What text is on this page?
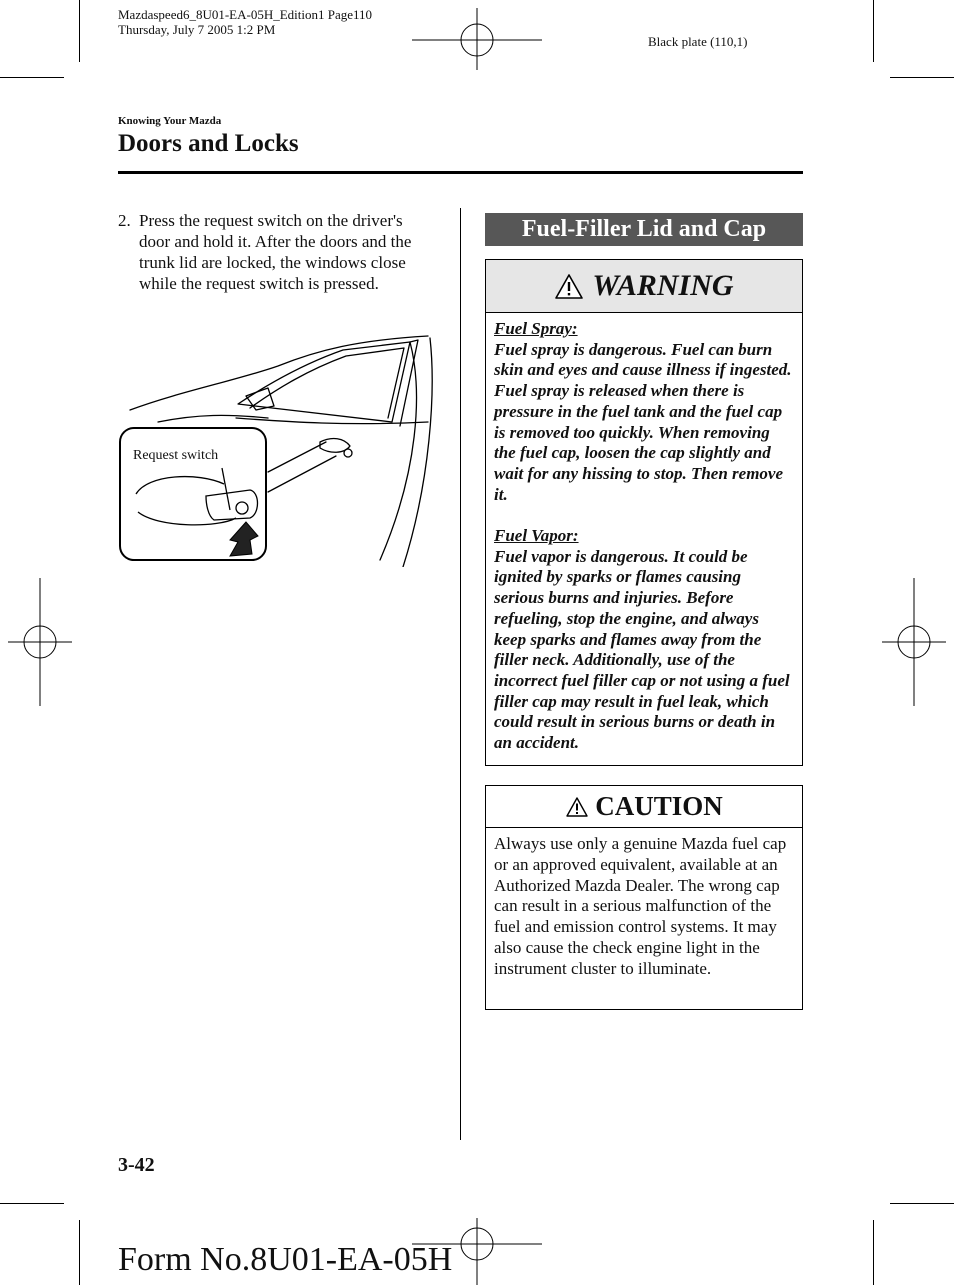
Mazdaspeed6_8U01-EA-05H_Edition1 Page110
Thursday, July 7 2005 1:2 PM
Black plate (110,1)
Knowing Your Mazda
Doors and Locks
2. Press the request switch on the driver's door and hold it. After the doors and the trunk lid are locked, the windows close while the request switch is pressed.
Request switch
Fuel-Filler Lid and Cap
WARNING
Fuel Spray:
Fuel spray is dangerous. Fuel can burn skin and eyes and cause illness if ingested. Fuel spray is released when there is pressure in the fuel tank and the fuel cap is removed too quickly. When removing the fuel cap, loosen the cap slightly and wait for any hissing to stop. Then remove it.
Fuel Vapor:
Fuel vapor is dangerous. It could be ignited by sparks or flames causing serious burns and injuries. Before refueling, stop the engine, and always keep sparks and flames away from the filler neck. Additionally, use of the incorrect fuel filler cap or not using a fuel filler cap may result in fuel leak, which could result in serious burns or death in an accident.
CAUTION
Always use only a genuine Mazda fuel cap or an approved equivalent, available at an Authorized Mazda Dealer. The wrong cap can result in a serious malfunction of the fuel and emission control systems. It may also cause the check engine light in the instrument cluster to illuminate.
3-42
Form No.8U01-EA-05H
